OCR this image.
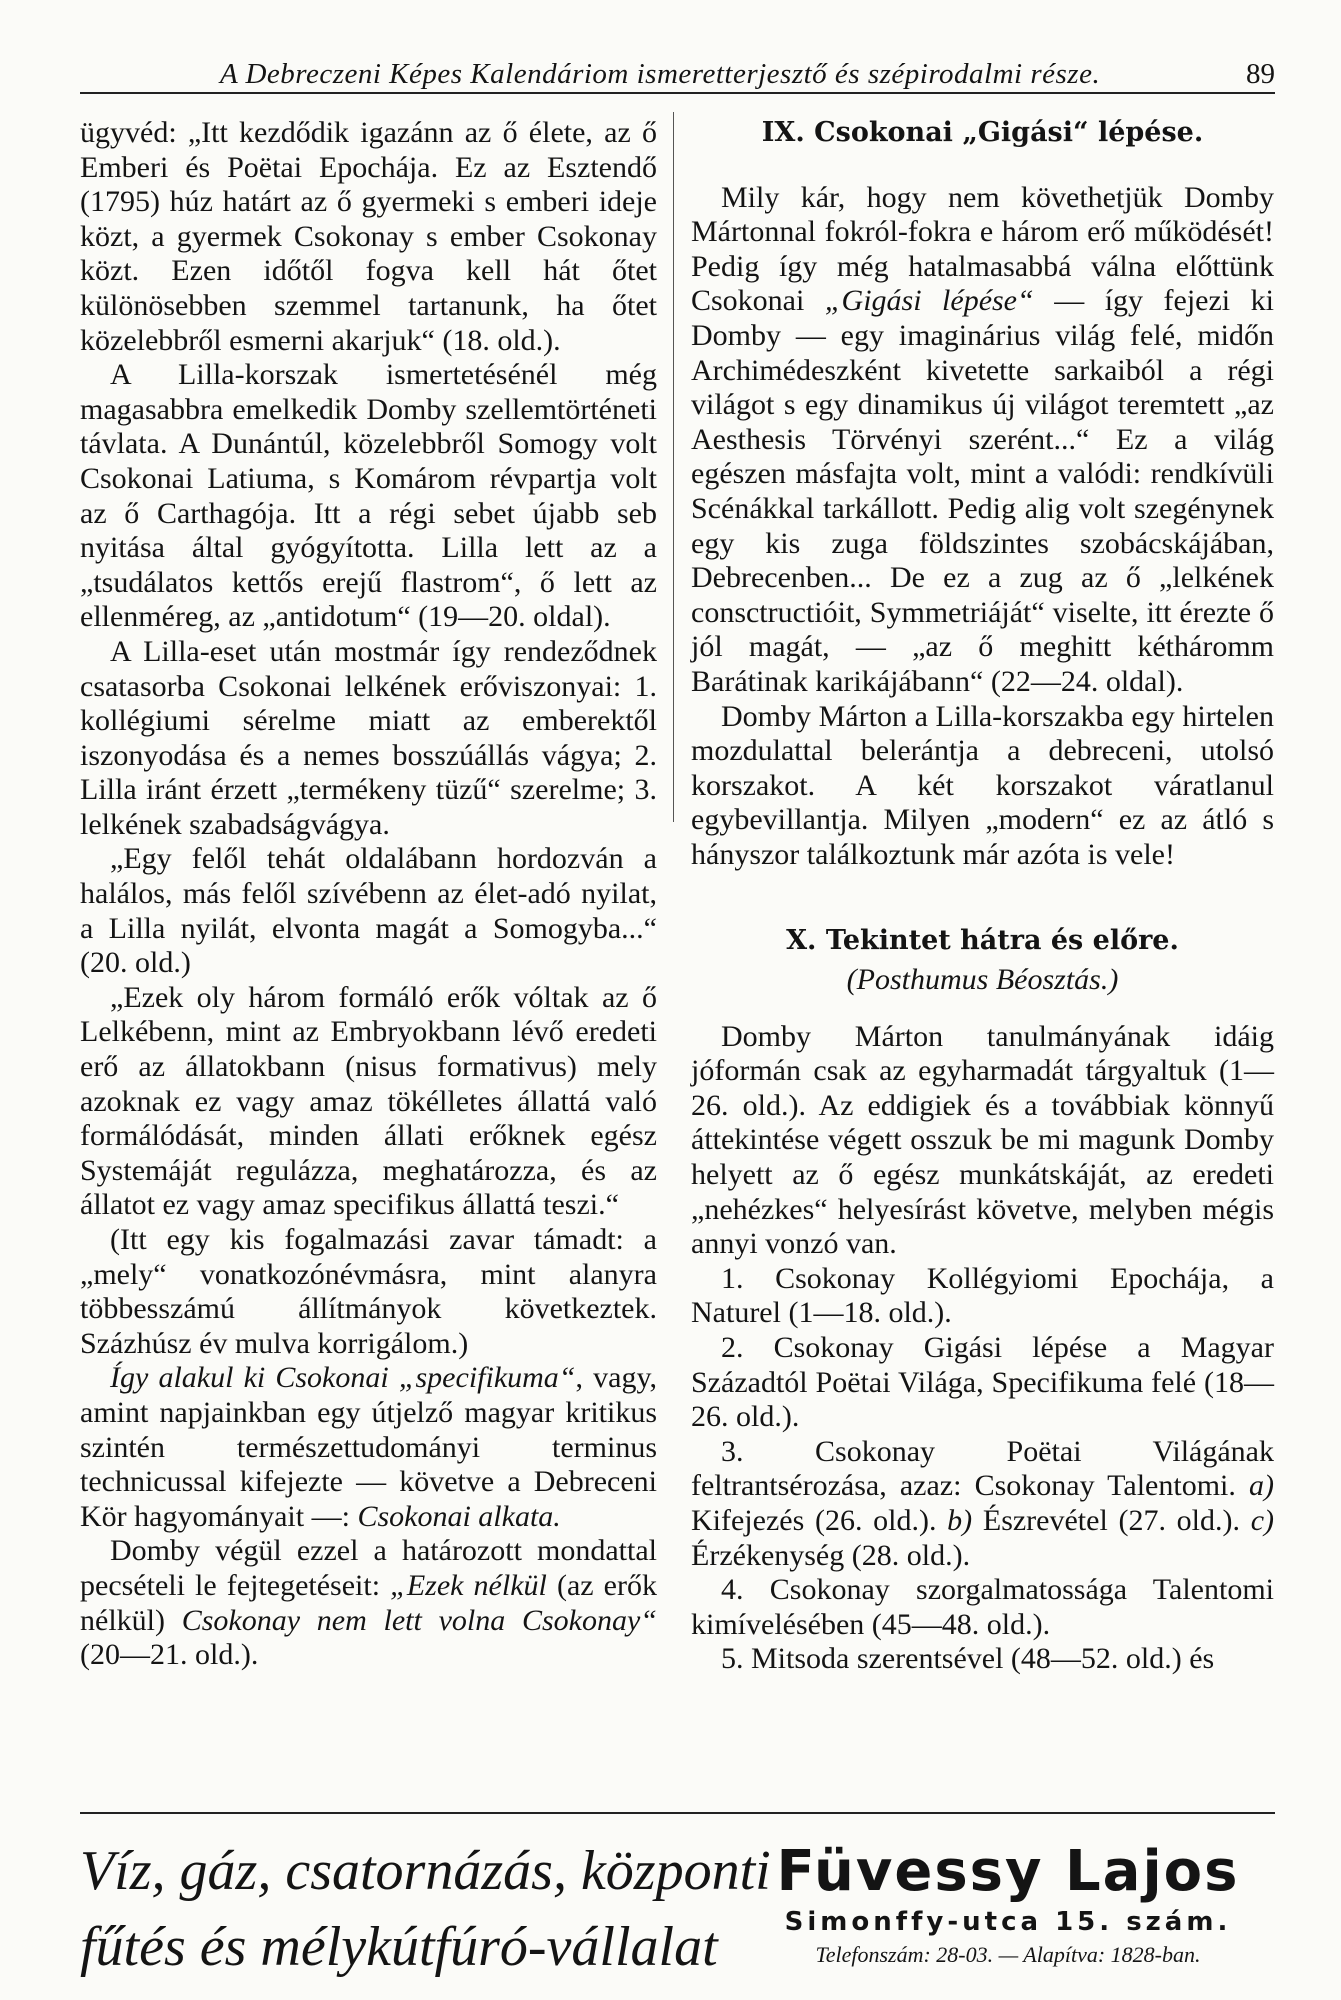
A Debreczeni Képes Kalendáriom ismeretterjesztő és szépirodalmi része.	89

ügyvéd: „Itt kezdődik igazánn az ő élete, az ő Emberi és Poëtai Epochája. Ez az Esztendő (1795) húz határt az ő gyermeki s emberi ideje közt, a gyermek Csokonay s ember Csokonay közt. Ezen időtől fogva kell hát őtet különösebben szemmel tartanunk, ha őtet közelebbről esmerni akarjuk“ (18. old.).

A Lilla-korszak ismertetésénél még magasabbra emelkedik Domby szellemtörténeti távlata. A Dunántúl, közelebbről Somogy volt Csokonai Latiuma, s Komárom révpartja volt az ő Carthagója. Itt a régi sebet újabb seb nyitása által gyógyította. Lilla lett az a „tsudálatos kettős erejű flastrom“, ő lett az ellenméreg, az „antidotum“ (19—20. oldal).

A Lilla-eset után mostmár így rendeződnek csatasorba Csokonai lelkének erőviszonyai: 1. kollégiumi sérelme miatt az emberektől iszonyodása és a nemes bosszúállás vágya; 2. Lilla iránt érzett „termékeny tüzű“ szerelme; 3. lelkének szabadságvágya.

„Egy felől tehát oldalábann hordozván a halálos, más felől szívébenn az élet-adó nyilat, a Lilla nyilát, elvonta magát a Somogyba...“ (20. old.)

„Ezek oly három formáló erők vóltak az ő Lelkébenn, mint az Embryokbann lévő eredeti erő az állatokbann (nisus formativus) mely azoknak ez vagy amaz tökélletes állattá való formálódását, minden állati erőknek egész Systemáját regulázza, meghatározza, és az állatot ez vagy amaz specifikus állattá teszi.“

(Itt egy kis fogalmazási zavar támadt: a „mely“ vonatkozónévmásra, mint alanyra többesszámú állítmányok következtek. Százhúsz év mulva korrigálom.)

Így alakul ki Csokonai „specifikuma“, vagy, amint napjainkban egy útjelző magyar kritikus szintén természettudományi terminus technicussal kifejezte — követve a Debreceni Kör hagyományait —: Csokonai alkata.

Domby végül ezzel a határozott mondattal pecsételi le fejtegetéseit: „Ezek nélkül (az erők nélkül) Csokonay nem lett volna Csokonay“ (20—21. old.).

IX. Csokonai „Gigási“ lépése.

Mily kár, hogy nem követhetjük Domby Mártonnal fokról-fokra e három erő működését! Pedig így még hatalmasabbá válna előttünk Csokonai „Gigási lépése“ — így fejezi ki Domby — egy imaginárius világ felé, midőn Archimédeszként kivetette sarkaiból a régi világot s egy dinamikus új világot teremtett „az Aesthesis Törvényi szerént...“ Ez a világ egészen másfajta volt, mint a valódi: rendkívüli Scénákkal tarkállott. Pedig alig volt szegénynek egy kis zuga földszintes szobácskájában, Debrecenben... De ez a zug az ő „lelkének consctructióit, Symmetriáját“ viselte, itt érezte ő jól magát, — „az ő meghitt kétháromm Barátinak karikájábann“ (22—24. oldal).

Domby Márton a Lilla-korszakba egy hirtelen mozdulattal belerántja a debreceni, utolsó korszakot. A két korszakot váratlanul egybevillantja. Milyen „modern“ ez az átló s hányszor találkoztunk már azóta is vele!

X. Tekintet hátra és előre.

(Posthumus Béosztás.)

Domby Márton tanulmányának idáig jóformán csak az egyharmadát tárgyaltuk (1—26. old.). Az eddigiek és a továbbiak könnyű áttekintése végett osszuk be mi magunk Domby helyett az ő egész munkátskáját, az eredeti „nehézkes“ helyesírást követve, melyben mégis annyi vonzó van.

1. Csokonay Kollégyiomi Epochája, a Naturel (1—18. old.).

2. Csokonay Gigási lépése a Magyar Századtól Poëtai Világa, Specifikuma felé (18—26. old.).

3. Csokonay Poëtai Világának feltrantsérozása, azaz: Csokonay Talentomi. a) Kifejezés (26. old.). b) Észrevétel (27. old.). c) Érzékenység (28. old.).

4. Csokonay szorgalmatossága Talentomi kimívelésében (45—48. old.).

5. Mitsoda szerentsével (48—52. old.) és

Víz, gáz, csatornázás, központi
fűtés és mélykútfúró-vállalat
Füvessy Lajos
Simonffy-utca 15. szám.
Telefonszám: 28-03. — Alapítva: 1828-ban.
